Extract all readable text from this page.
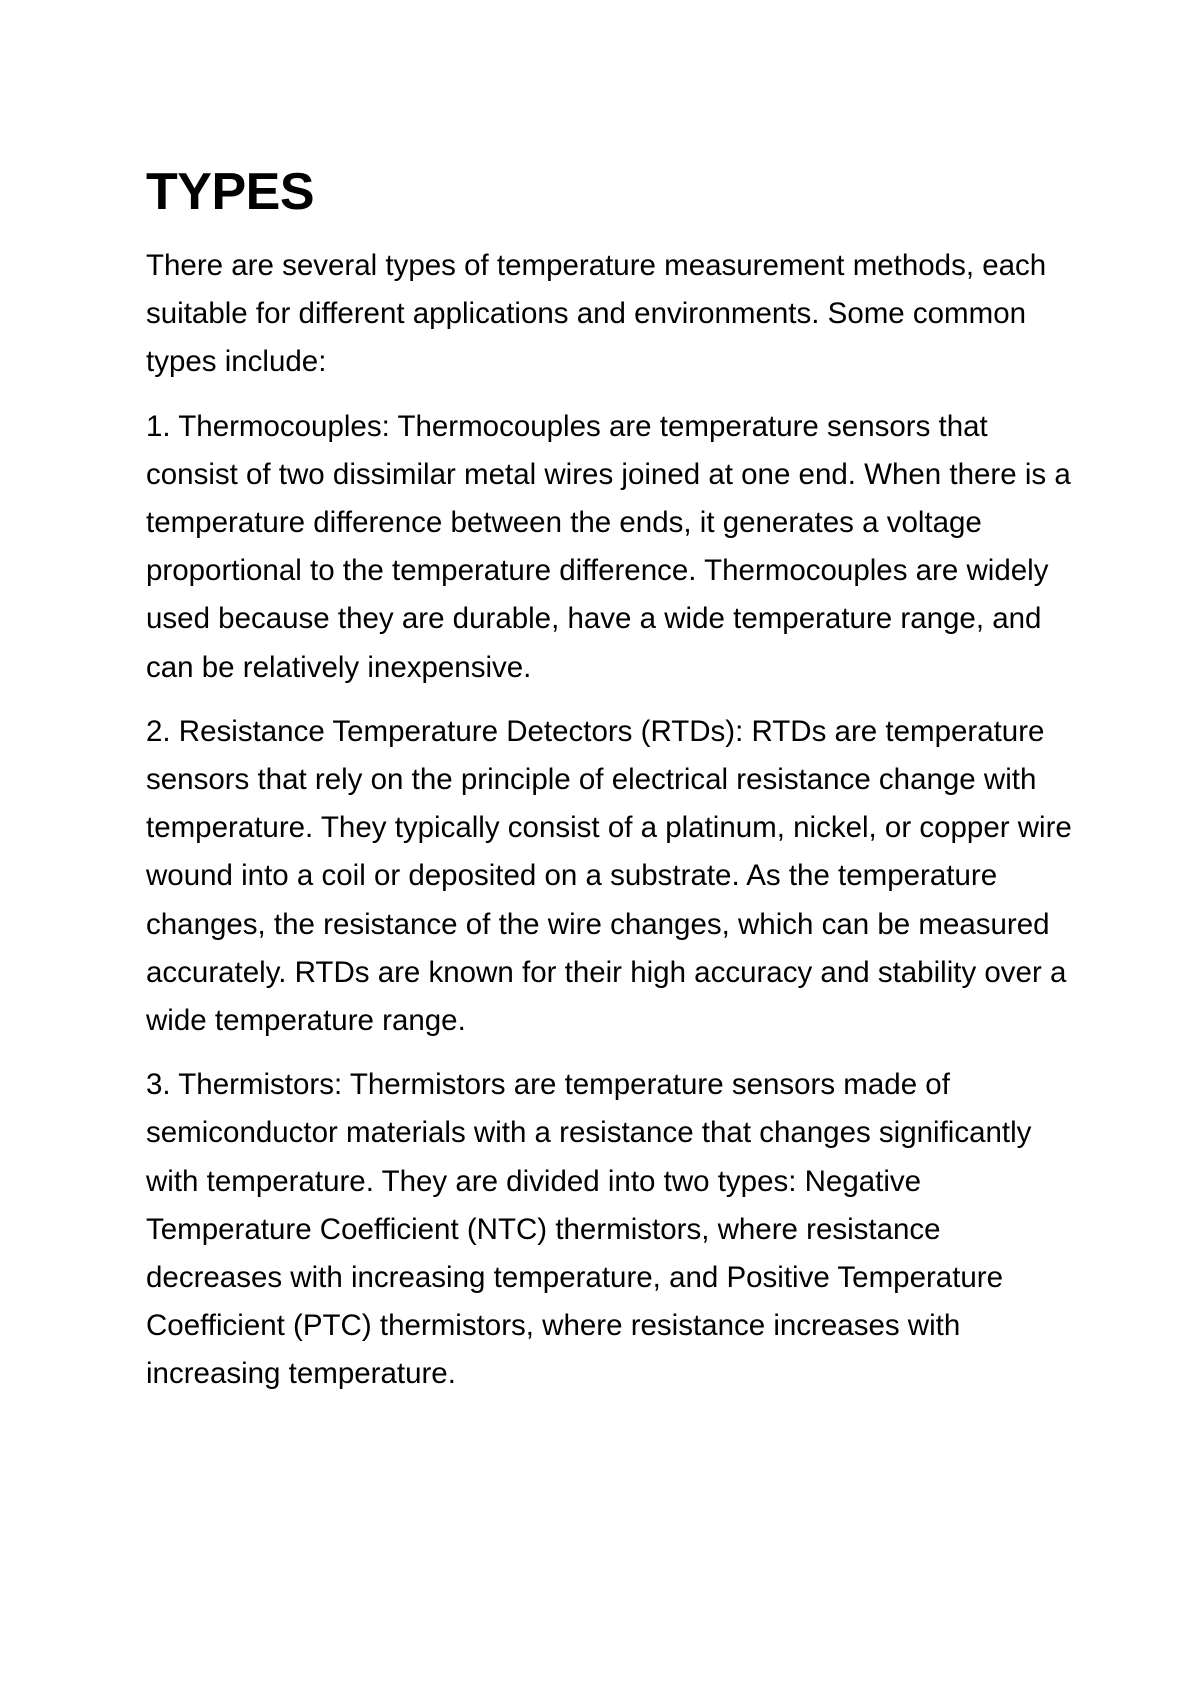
TYPES

There are several types of temperature measurement methods, each suitable for different applications and environments. Some common types include:

1. Thermocouples: Thermocouples are temperature sensors that consist of two dissimilar metal wires joined at one end. When there is a temperature difference between the ends, it generates a voltage proportional to the temperature difference. Thermocouples are widely used because they are durable, have a wide temperature range, and can be relatively inexpensive.

2. Resistance Temperature Detectors (RTDs): RTDs are temperature sensors that rely on the principle of electrical resistance change with temperature. They typically consist of a platinum, nickel, or copper wire wound into a coil or deposited on a substrate. As the temperature changes, the resistance of the wire changes, which can be measured accurately. RTDs are known for their high accuracy and stability over a wide temperature range.

3. Thermistors: Thermistors are temperature sensors made of semiconductor materials with a resistance that changes significantly with temperature. They are divided into two types: Negative Temperature Coefficient (NTC) thermistors, where resistance decreases with increasing temperature, and Positive Temperature Coefficient (PTC) thermistors, where resistance increases with increasing temperature.
